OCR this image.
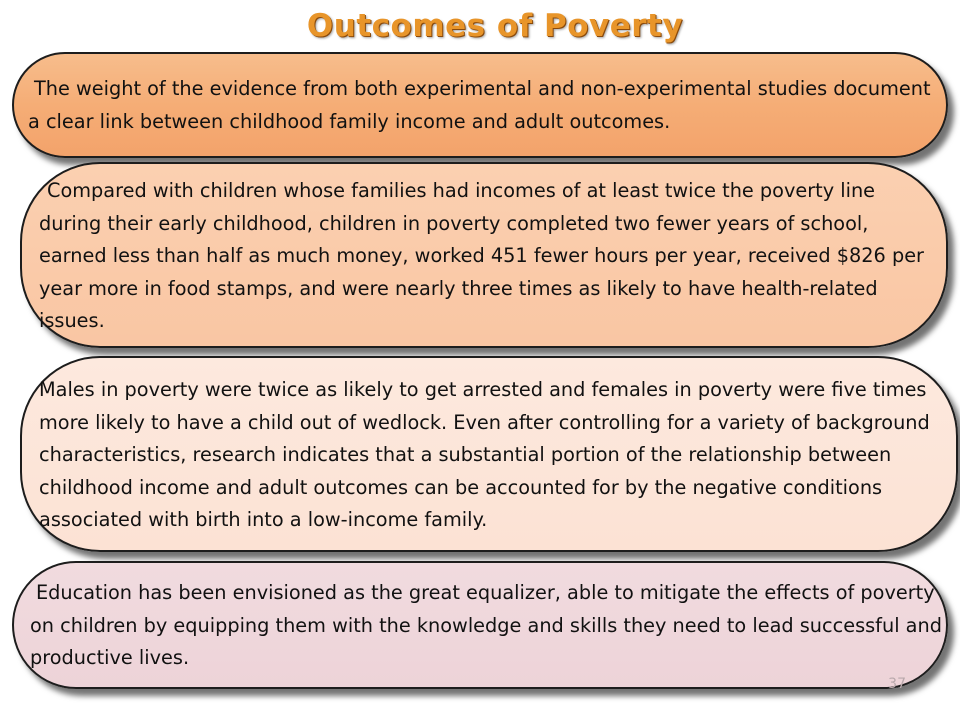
Outcomes of Poverty

The weight of the evidence from both experimental and non-experimental studies document a clear link between childhood family income and adult outcomes.

Compared with children whose families had incomes of at least twice the poverty line during their early childhood, children in poverty completed two fewer years of school, earned less than half as much money, worked 451 fewer hours per year, received $826 per year more in food stamps, and were nearly three times as likely to have health-related issues.

Males in poverty were twice as likely to get arrested and females in poverty were five times more likely to have a child out of wedlock. Even after controlling for a variety of background characteristics, research indicates that a substantial portion of the relationship between childhood income and adult outcomes can be accounted for by the negative conditions associated with birth into a low-income family.

Education has been envisioned as the great equalizer, able to mitigate the effects of poverty on children by equipping them with the knowledge and skills they need to lead successful and productive lives.

37
